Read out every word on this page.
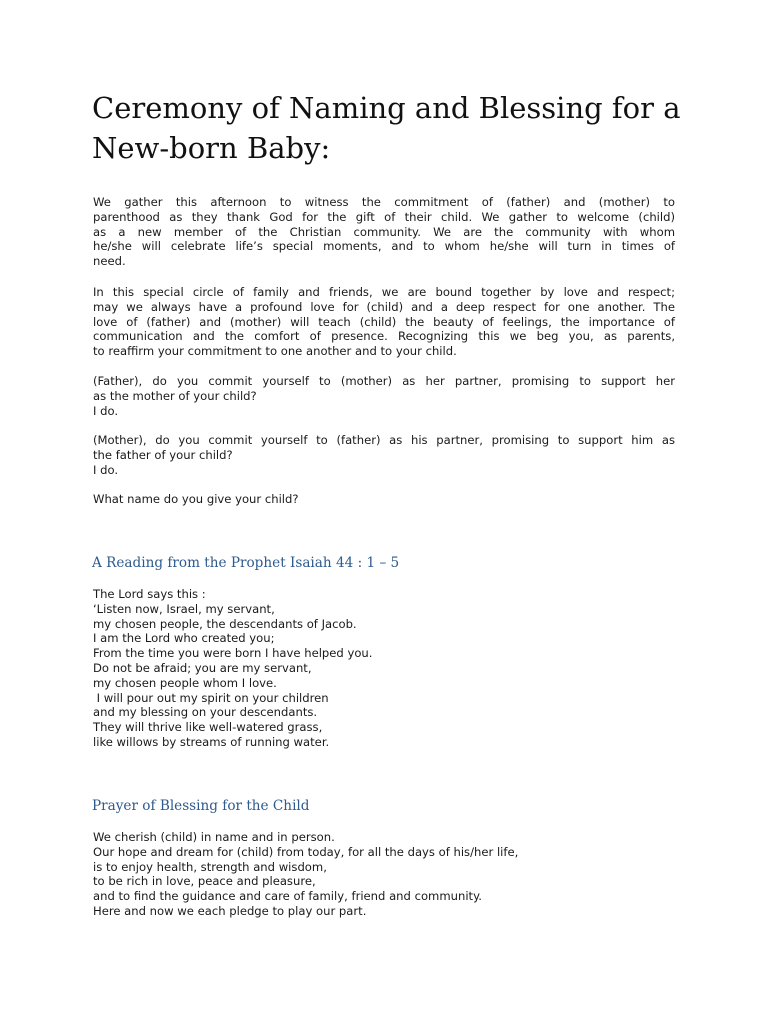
Ceremony of Naming and Blessing for a
New-born Baby:

We gather this afternoon to witness the commitment of (father) and (mother) to
parenthood as they thank God for the gift of their child. We gather to welcome (child)
as a new member of the Christian community. We are the community with whom
he/she will celebrate life’s special moments, and to whom he/she will turn in times of
need.

In this special circle of family and friends, we are bound together by love and respect;
may we always have a profound love for (child) and a deep respect for one another. The
love of (father) and (mother) will teach (child) the beauty of feelings, the importance of
communication and the comfort of presence. Recognizing this we beg you, as parents,
to reaffirm your commitment to one another and to your child.

(Father), do you commit yourself to (mother) as her partner, promising to support her
as the mother of your child?
I do.

(Mother), do you commit yourself to (father) as his partner, promising to support him as
the father of your child?
I do.

What name do you give your child?

A Reading from the Prophet Isaiah 44 : 1 – 5

The Lord says this :
‘Listen now, Israel, my servant,
my chosen people, the descendants of Jacob.
I am the Lord who created you;
From the time you were born I have helped you.
Do not be afraid; you are my servant,
my chosen people whom I love.
I will pour out my spirit on your children
and my blessing on your descendants.
They will thrive like well-watered grass,
like willows by streams of running water.

Prayer of Blessing for the Child

We cherish (child) in name and in person.
Our hope and dream for (child) from today, for all the days of his/her life,
is to enjoy health, strength and wisdom,
to be rich in love, peace and pleasure,
and to find the guidance and care of family, friend and community.
Here and now we each pledge to play our part.
